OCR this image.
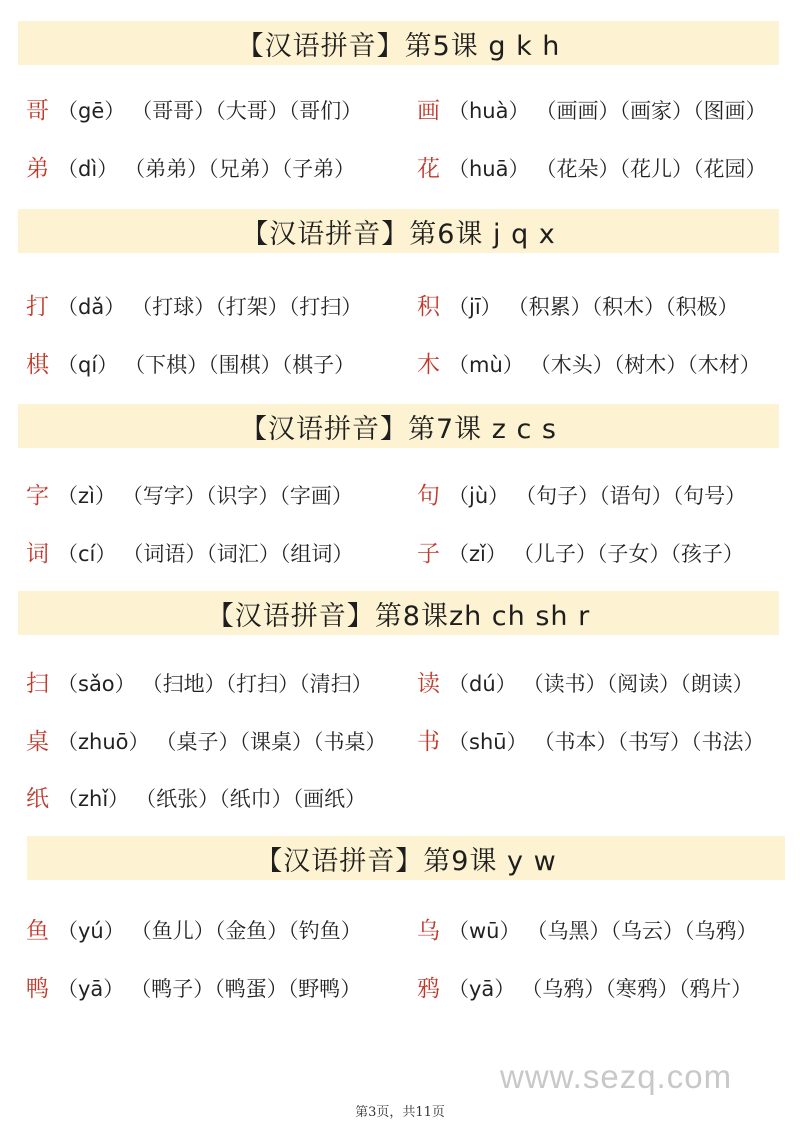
【汉语拼音】第5课 g k h
哥 （gē） （哥哥）（大哥）（哥们） 画 （huà） （画画）（画家）（图画）
弟 （dì） （弟弟）（兄弟）（子弟）	花 （huā） （花朵）（花儿）（花园）
【汉语拼音】第6课 j q x
打 （dǎ） （打球）（打架）（打扫） 积 （jī） （积累）（积木）（积极）
棋 （qí） （下棋）（围棋）（棋子）	木 （mù） （木头）（树木）（木材）
【汉语拼音】第7课 z c s
字 （zì） （写字）（识字）（字画）	句 （jù） （句子）（语句）（句号）
词 （cí） （词语）（词汇）（组词）	子 （zǐ） （儿子）（子女）（孩子）
【汉语拼音】第8课zh ch sh r
扫 （sǎo） （扫地）（打扫）（清扫） 读 （dú） （读书）（阅读）（朗读）
桌 （zhuō） （桌子）（课桌）（书桌） 书 （shū） （书本）（书写）（书法）
纸 （zhǐ） （纸张）（纸巾）（画纸）
【汉语拼音】第9课 y w
鱼 （yú） （鱼儿）（金鱼）（钓鱼） 乌 （wū） （乌黑）（乌云）（乌鸦）
鸭 （yā） （鸭子）（鸭蛋）（野鸭） 鸦 （yā） （乌鸦）（寒鸦）（鸦片）
www.sezq.com
第3页，共11页
